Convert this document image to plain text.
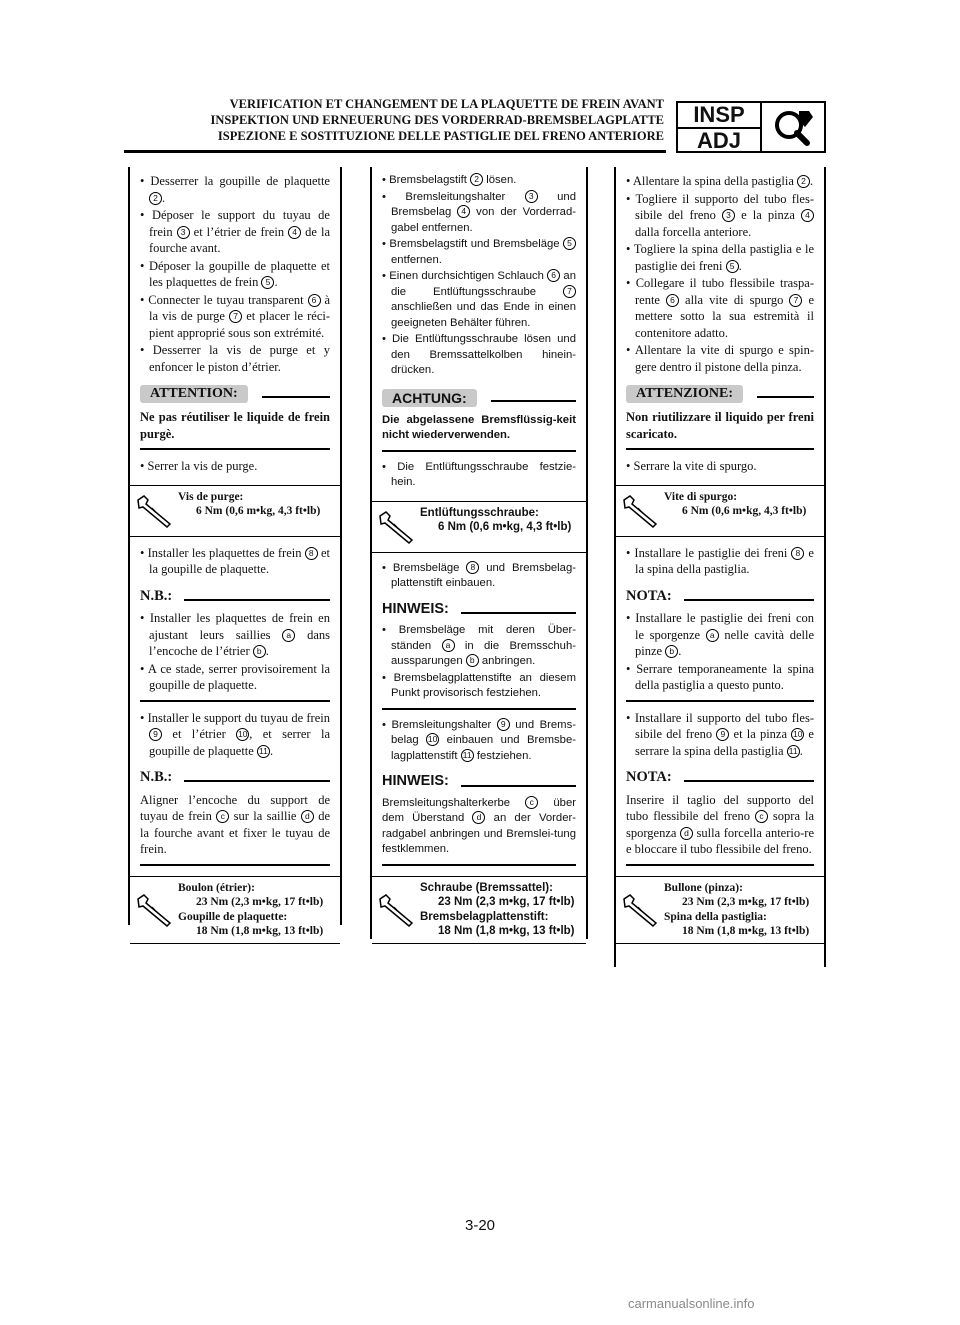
VERIFICATION ET CHANGEMENT DE LA PLAQUETTE DE FREIN AVANT
INSPEKTION UND ERNEUERUNG DES VORDERRAD-BREMSBELAGPLATTE
ISPEZIONE E SOSTITUZIONE DELLE PASTIGLIE DEL FRENO ANTERIORE
INSP
ADJ

• Desserrer la goupille de plaquette 2 .

• Déposer le support du tuyau de frein 3 et l’étrier de frein 4 de la fourche avant.

• Déposer la goupille de plaquette et les plaquettes de frein 5 .

• Connecter le tuyau transparent 6 à la vis de purge 7 et placer le réci-pient approprié sous son extrémité.

• Desserrer la vis de purge et y enfoncer le piston d’étrier.

ATTENTION:

Ne pas réutiliser le liquide de frein purgè.

• Serrer la vis de purge.

Vis de purge:
6 Nm (0,6 m•kg, 4,3 ft•lb)

• Installer les plaquettes de frein 8 et la goupille de plaquette.

N.B.:

• Installer les plaquettes de frein en ajustant leurs saillies a dans l’encoche de l’étrier b .

• A ce stade, serrer provisoirement la goupille de plaquette.

• Installer le support du tuyau de frein 9 et l’étrier 10 , et serrer la goupille de plaquette 11 .

N.B.:

Aligner l’encoche du support de tuyau de frein c sur la saillie d de la fourche avant et fixer le tuyau de frein.

Boulon (étrier):
23 Nm (2,3 m•kg, 17 ft•lb)
Goupille de plaquette:
18 Nm (1,8 m•kg, 13 ft•lb)

• Bremsbelagstift 2 lösen.

• Bremsleitungshalter 3 und Bremsbelag 4 von der Vorderrad-gabel entfernen.

• Bremsbelagstift und Bremsbeläge 5 entfernen.

• Einen durchsichtigen Schlauch 6 an die Entlüftungsschraube 7 anschließen und das Ende in einen geeigneten Behälter führen.

• Die Entlüftungsschraube lösen und den Bremssattelkolben hinein-drücken.

ACHTUNG:

Die abgelassene Bremsflüssig-keit nicht wiederverwenden.

• Die Entlüftungsschraube festzie-hein.

Entlüftungsschraube:
6 Nm (0,6 m•kg, 4,3 ft•lb)

• Bremsbeläge 8 und Bremsbelag-plattenstift einbauen.

HINWEIS:

• Bremsbeläge mit deren Über-ständen a in die Bremsschuh-aussparungen b anbringen.

• Bremsbelagplattenstifte an diesem Punkt provisorisch festziehen.

• Bremsleitungshalter 9 und Brems-belag 10 einbauen und Bremsbe-lagplattenstift 11 festziehen.

HINWEIS:

Bremsleitungshalterkerbe c über dem Überstand d an der Vorder-radgabel anbringen und Bremslei-tung festklemmen.

Schraube (Bremssattel):
23 Nm (2,3 m•kg, 17 ft•lb)
Bremsbelagplattenstift:
18 Nm (1,8 m•kg, 13 ft•lb)

• Allentare la spina della pastiglia 2 .

• Togliere il supporto del tubo fles-sibile del freno 3 e la pinza 4 dalla forcella anteriore.

• Togliere la spina della pastiglia e le pastiglie dei freni 5 .

• Collegare il tubo flessibile traspa-rente 6 alla vite di spurgo 7 e mettere sotto la sua estremità il contenitore adatto.

• Allentare la vite di spurgo e spin-gere dentro il pistone della pinza.

ATTENZIONE:

Non riutilizzare il liquido per freni scaricato.

• Serrare la vite di spurgo.

Vite di spurgo:
6 Nm (0,6 m•kg, 4,3 ft•lb)

• Installare le pastiglie dei freni 8 e la spina della pastiglia.

NOTA:

• Installare le pastiglie dei freni con le sporgenze a nelle cavità delle pinze b .

• Serrare temporaneamente la spina della pastiglia a questo punto.

• Installare il supporto del tubo fles-sibile del freno 9 et la pinza 10 e serrare la spina della pastiglia 11 .

NOTA:

Inserire il taglio del supporto del tubo flessibile del freno c sopra la sporgenza d sulla forcella anterio-re e bloccare il tubo flessibile del freno.

Bullone (pinza):
23 Nm (2,3 m•kg, 17 ft•lb)
Spina della pastiglia:
18 Nm (1,8 m•kg, 13 ft•lb)
3-20
carmanualsonline.info
